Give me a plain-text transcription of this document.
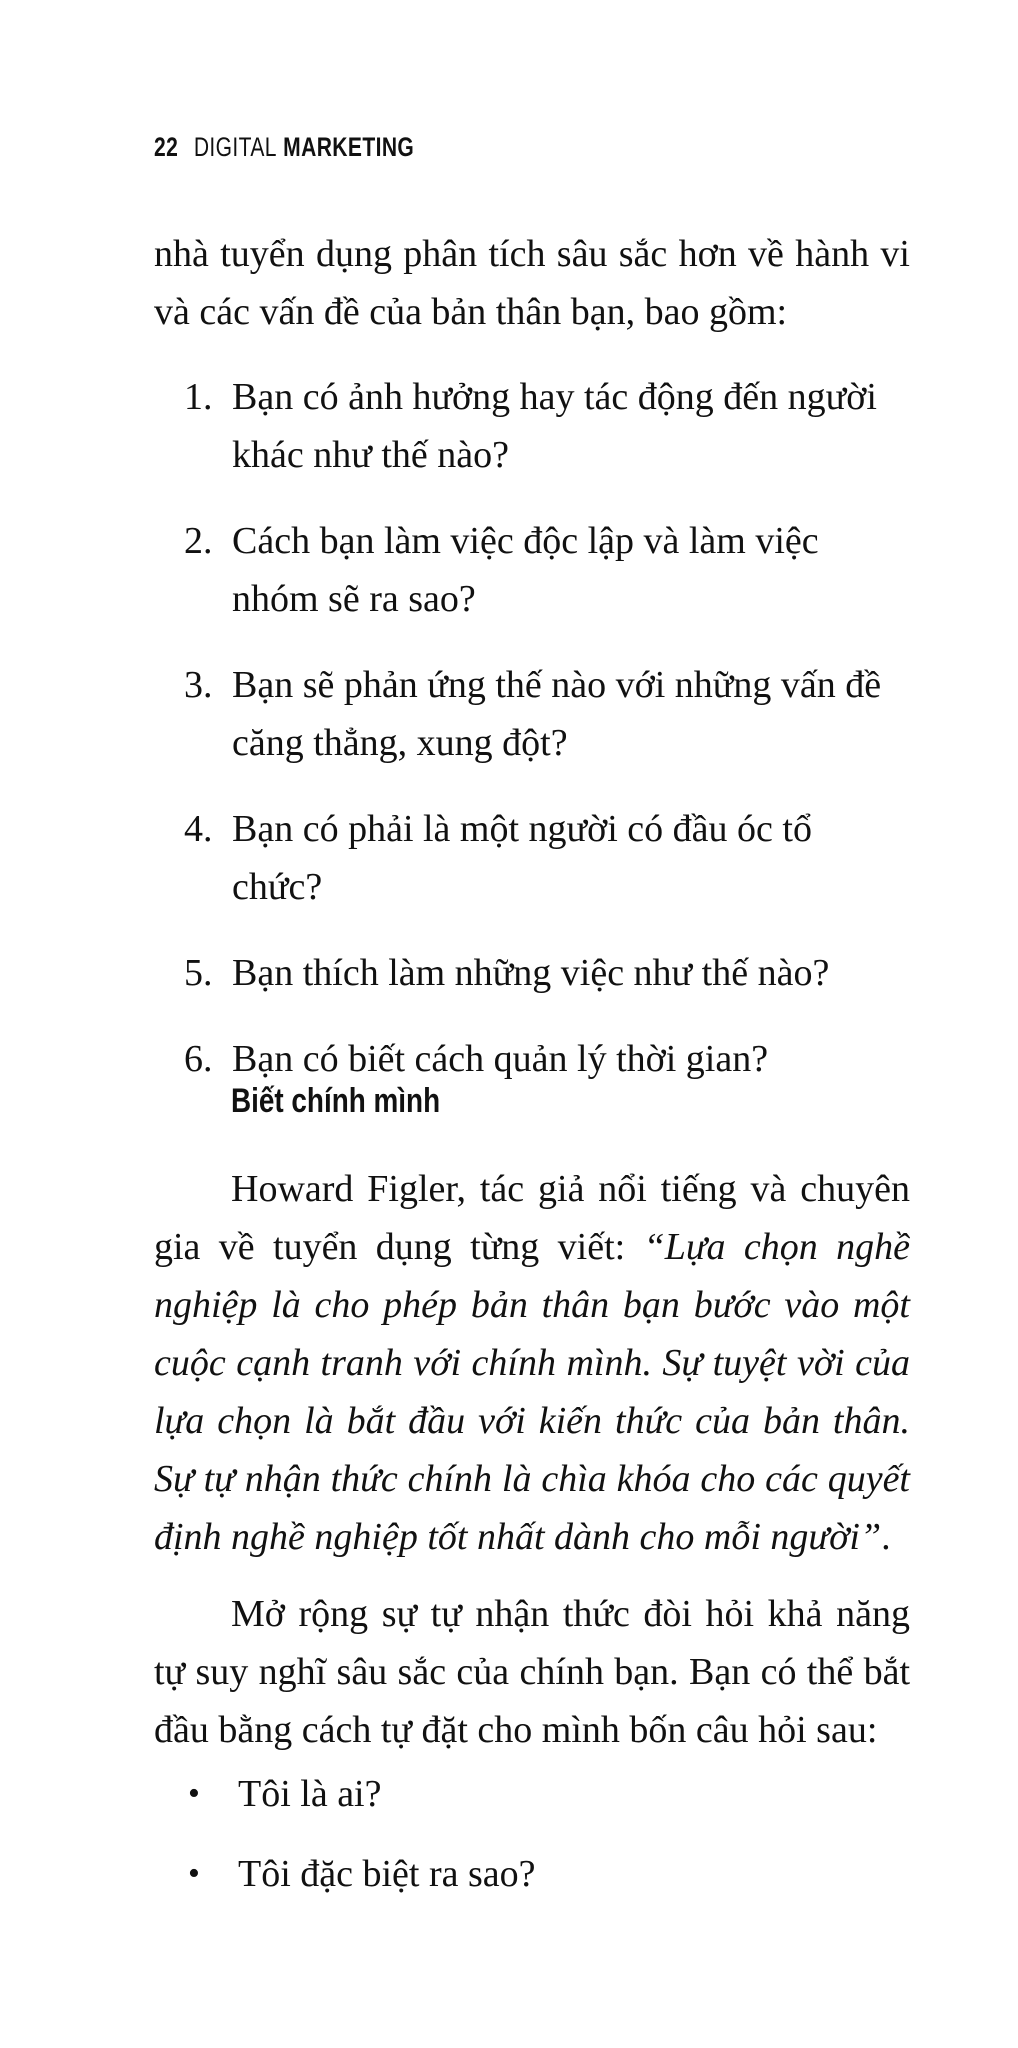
22 DIGITAL MARKETING

nhà tuyển dụng phân tích sâu sắc hơn về hành vi và các vấn đề của bản thân bạn, bao gồm:

1. Bạn có ảnh hưởng hay tác động đến người khác như thế nào?
2. Cách bạn làm việc độc lập và làm việc nhóm sẽ ra sao?
3. Bạn sẽ phản ứng thế nào với những vấn đề căng thẳng, xung đột?
4. Bạn có phải là một người có đầu óc tổ chức?
5. Bạn thích làm những việc như thế nào?
6. Bạn có biết cách quản lý thời gian?
Biết chính mình

Howard Figler, tác giả nổi tiếng và chuyên gia về tuyển dụng từng viết: “Lựa chọn nghề nghiệp là cho phép bản thân bạn bước vào một cuộc cạnh tranh với chính mình. Sự tuyệt vời của lựa chọn là bắt đầu với kiến thức của bản thân. Sự tự nhận thức chính là chìa khóa cho các quyết định nghề nghiệp tốt nhất dành cho mỗi người”.

Mở rộng sự tự nhận thức đòi hỏi khả năng tự suy nghĩ sâu sắc của chính bạn. Bạn có thể bắt đầu bằng cách tự đặt cho mình bốn câu hỏi sau:

• Tôi là ai?
• Tôi đặc biệt ra sao?
